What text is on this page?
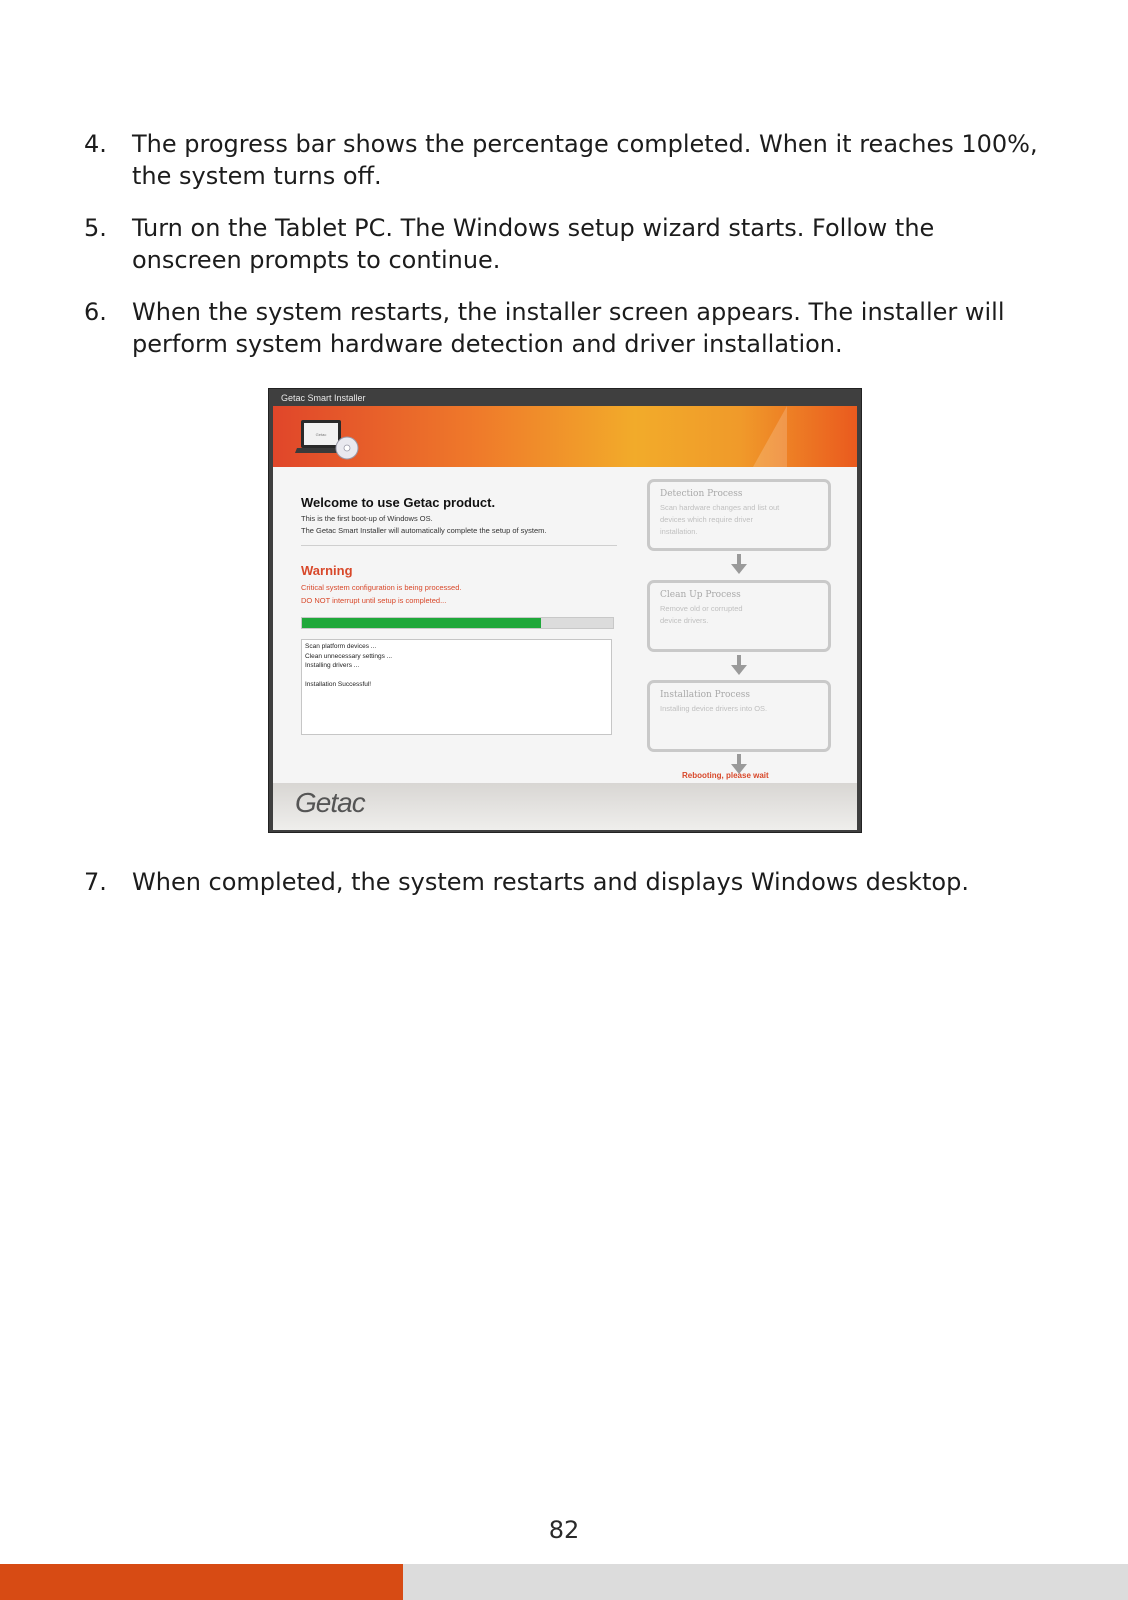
4. The progress bar shows the percentage completed. When it reaches 100%, the system turns off.
5. Turn on the Tablet PC. The Windows setup wizard starts. Follow the onscreen prompts to continue.
6. When the system restarts, the installer screen appears. The installer will perform system hardware detection and driver installation.
Getac Smart Installer
Getac
Welcome to use Getac product.
This is the first boot-up of Windows OS.
The Getac Smart Installer will automatically complete the setup of system.
Warning
Critical system configuration is being processed.
DO NOT interrupt until setup is completed...
Scan platform devices ...
Clean unnecessary settings ...
Installing drivers ...
Installation Successful!
Detection Process
Scan hardware changes and list out
devices which require driver
installation.
Clean Up Process
Remove old or corrupted
device drivers.
Installation Process
Installing device drivers into OS.
Rebooting, please wait
Getac
7. When completed, the system restarts and displays Windows desktop.
82
